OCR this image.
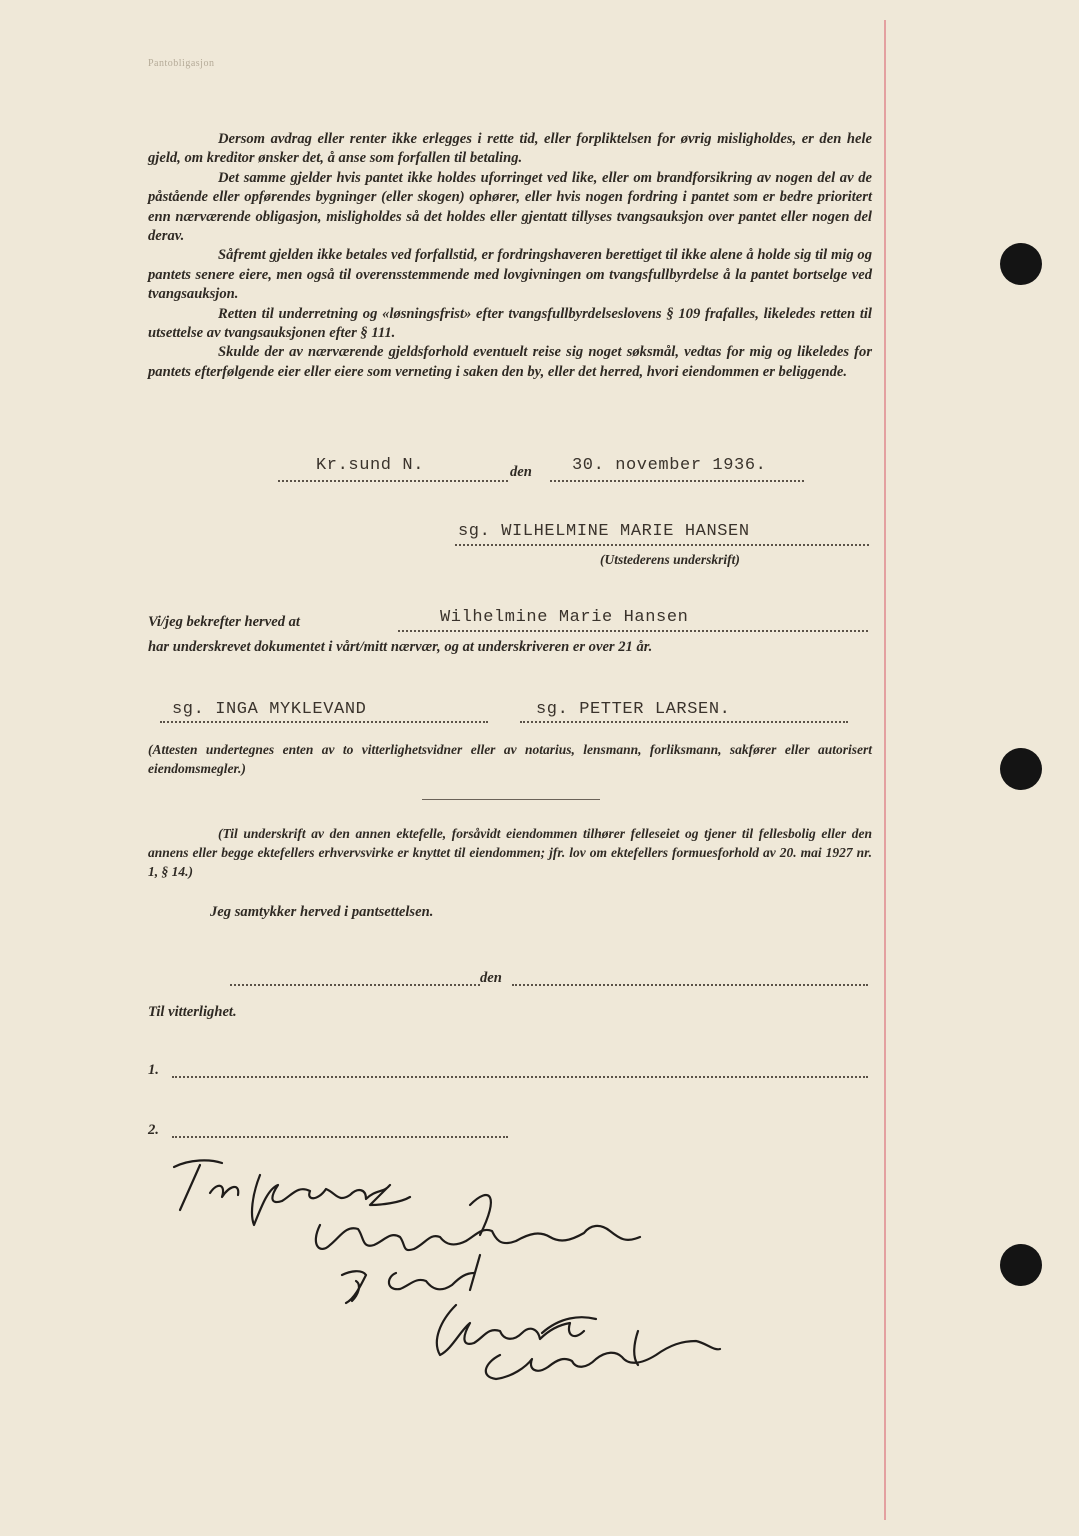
Pantobligasjon

Dersom avdrag eller renter ikke erlegges i rette tid, eller forpliktelsen for øvrig misligholdes, er den hele gjeld, om kreditor ønsker det, å anse som forfallen til betaling.

Det samme gjelder hvis pantet ikke holdes uforringet ved like, eller om brandforsikring av nogen del av de påstående eller opførendes bygninger (eller skogen) ophører, eller hvis nogen fordring i pantet som er bedre prioritert enn nærværende obligasjon, misligholdes så det holdes eller gjentatt tillyses tvangsauksjon over pantet eller nogen del derav.

Såfremt gjelden ikke betales ved forfallstid, er fordringshaveren berettiget til ikke alene å holde sig til mig og pantets senere eiere, men også til overensstemmende med lovgivningen om tvangsfullbyrdelse å la pantet bortselge ved tvangsauksjon.

Retten til underretning og «løsningsfrist» efter tvangsfullbyrdelseslovens § 109 frafalles, likeledes retten til utsettelse av tvangsauksjonen efter § 111.

Skulde der av nærværende gjeldsforhold eventuelt reise sig noget søksmål, vedtas for mig og likeledes for pantets efterfølgende eier eller eiere som verneting i saken den by, eller det herred, hvori eiendommen er beliggende.

Kr.sund N.	den 30. november 1936.
sg. WILHELMINE MARIE HANSEN
(Utstederens underskrift)
Vi/jeg bekrefter herved at	Wilhelmine Marie Hansen
har underskrevet dokumentet i vårt/mitt nærvær, og at underskriveren er over 21 år.
sg. INGA MYKLEVAND	sg. PETTER LARSEN.
(Attesten undertegnes enten av to vitterlighetsvidner eller av notarius, lensmann, forliksmann, sakfører eller autorisert eiendomsmegler.)

(Til underskrift av den annen ektefelle, forsåvidt eiendommen tilhører felleseiet og tjener til fellesbolig eller den annens eller begge ektefellers erhvervsvirke er knyttet til eiendommen; jfr. lov om ektefellers formuesforhold av 20. mai 1927 nr. 1, § 14.)

Jeg samtykker herved i pantsettelsen.
den
Til vitterlighet.
1.
2.
